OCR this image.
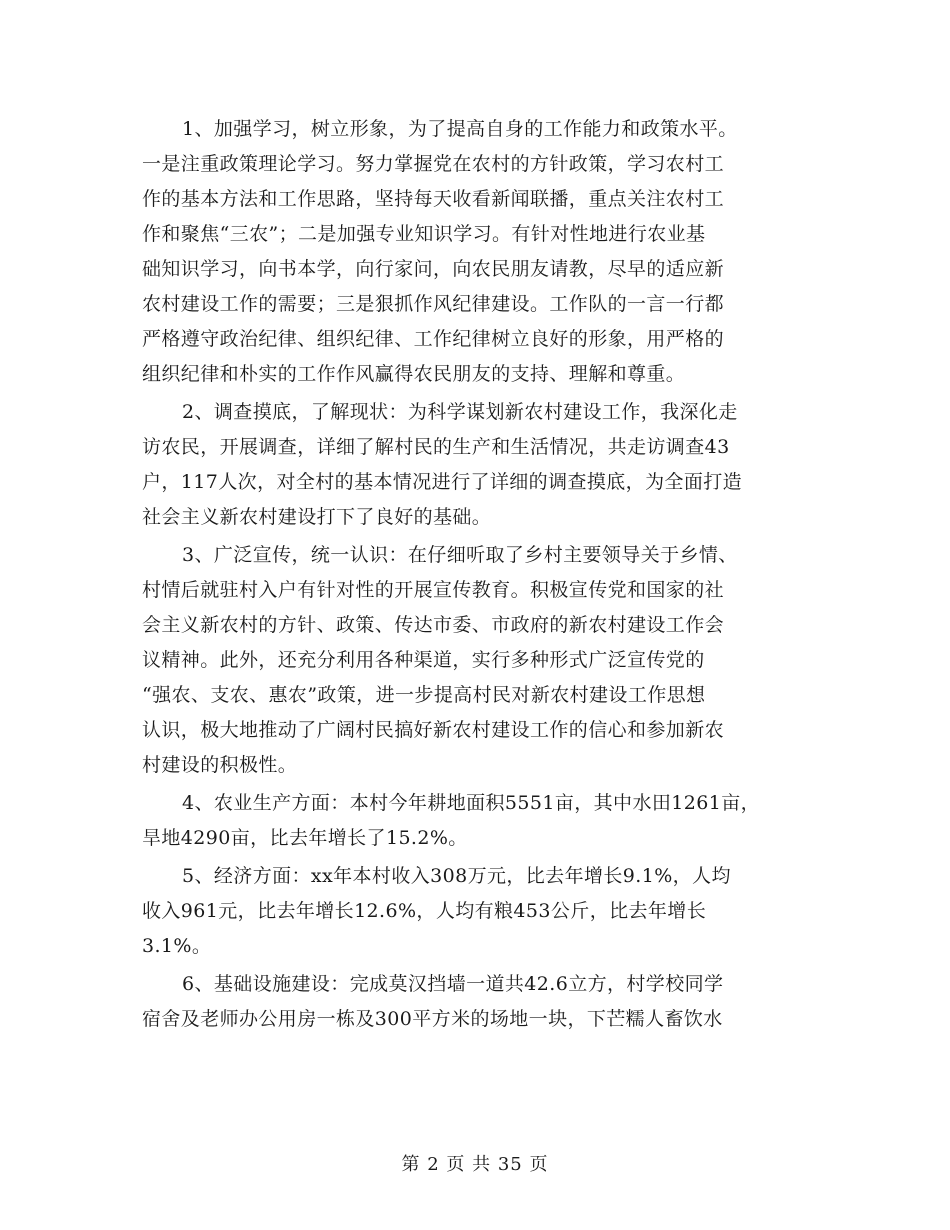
1、加强学习，树立形象，为了提高自身的工作能力和政策水平。
一是注重政策理论学习。努力掌握党在农村的方针政策，学习农村工
作的基本方法和工作思路，坚持每天收看新闻联播，重点关注农村工
作和聚焦“三农”；二是加强专业知识学习。有针对性地进行农业基
础知识学习，向书本学，向行家问，向农民朋友请教，尽早的适应新
农村建设工作的需要；三是狠抓作风纪律建设。工作队的一言一行都
严格遵守政治纪律、组织纪律、工作纪律树立良好的形象，用严格的
组织纪律和朴实的工作作风赢得农民朋友的支持、理解和尊重。
2、调查摸底，了解现状：为科学谋划新农村建设工作，我深化走
访农民，开展调查，详细了解村民的生产和生活情况，共走访调查43
户，117人次，对全村的基本情况进行了详细的调查摸底，为全面打造
社会主义新农村建设打下了良好的基础。
3、广泛宣传，统一认识：在仔细听取了乡村主要领导关于乡情、
村情后就驻村入户有针对性的开展宣传教育。积极宣传党和国家的社
会主义新农村的方针、政策、传达市委、市政府的新农村建设工作会
议精神。此外，还充分利用各种渠道，实行多种形式广泛宣传党的
“强农、支农、惠农”政策，进一步提高村民对新农村建设工作思想
认识，极大地推动了广阔村民搞好新农村建设工作的信心和参加新农
村建设的积极性。
4、农业生产方面：本村今年耕地面积5551亩，其中水田1261亩，
旱地4290亩，比去年增长了15.2%。
5、经济方面：xx年本村收入308万元，比去年增长9.1%，人均
收入961元，比去年增长12.6%，人均有粮453公斤，比去年增长
3.1%。
6、基础设施建设：完成莫汉挡墙一道共42.6立方，村学校同学
宿舍及老师办公用房一栋及300平方米的场地一块，下芒糯人畜饮水
第 2 页 共 35 页
